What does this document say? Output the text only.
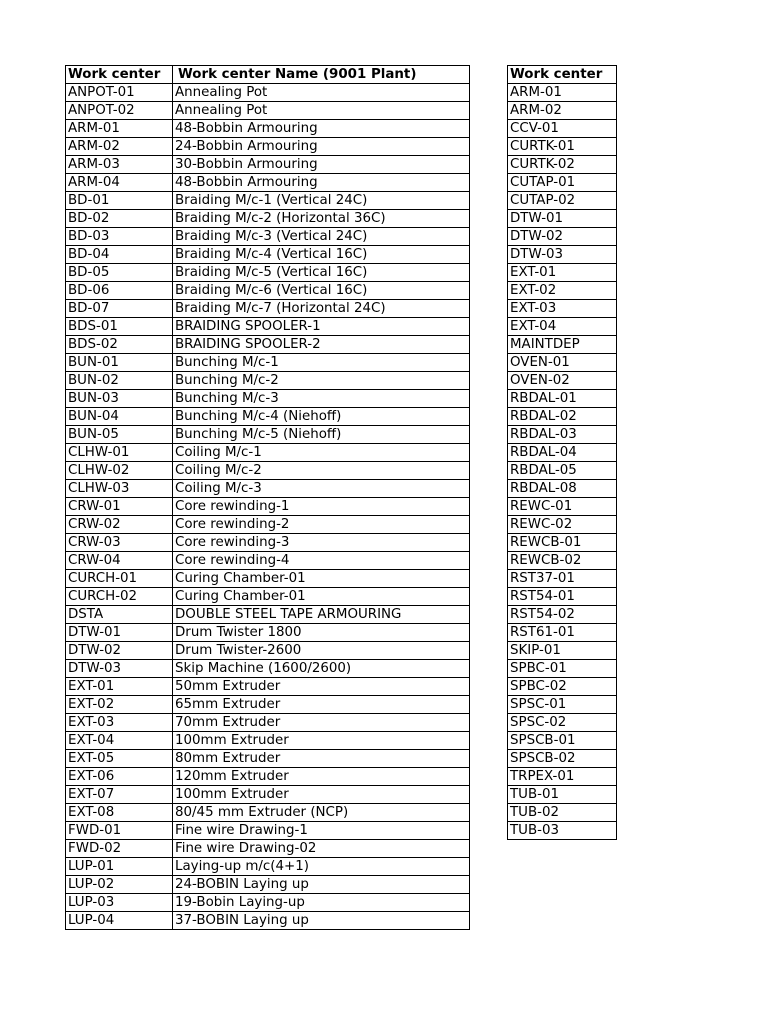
Work center	Work center Name (9001 Plant)
ANPOT-01	Annealing Pot
ANPOT-02	Annealing Pot
ARM-01	48-Bobbin Armouring
ARM-02	24-Bobbin Armouring
ARM-03	30-Bobbin Armouring
ARM-04	48-Bobbin Armouring
BD-01	Braiding M/c-1 (Vertical 24C)
BD-02	Braiding M/c-2 (Horizontal 36C)
BD-03	Braiding M/c-3 (Vertical 24C)
BD-04	Braiding M/c-4 (Vertical 16C)
BD-05	Braiding M/c-5 (Vertical 16C)
BD-06	Braiding M/c-6 (Vertical 16C)
BD-07	Braiding M/c-7 (Horizontal 24C)
BDS-01	BRAIDING SPOOLER-1
BDS-02	BRAIDING SPOOLER-2
BUN-01	Bunching M/c-1
BUN-02	Bunching M/c-2
BUN-03	Bunching M/c-3
BUN-04	Bunching M/c-4 (Niehoff)
BUN-05	Bunching M/c-5 (Niehoff)
CLHW-01	Coiling M/c-1
CLHW-02	Coiling M/c-2
CLHW-03	Coiling M/c-3
CRW-01	Core rewinding-1
CRW-02	Core rewinding-2
CRW-03	Core rewinding-3
CRW-04	Core rewinding-4
CURCH-01	Curing Chamber-01
CURCH-02	Curing Chamber-01
DSTA	DOUBLE STEEL TAPE ARMOURING
DTW-01	Drum Twister 1800
DTW-02	Drum Twister-2600
DTW-03	Skip Machine (1600/2600)
EXT-01	50mm Extruder
EXT-02	65mm Extruder
EXT-03	70mm Extruder
EXT-04	100mm Extruder
EXT-05	80mm Extruder
EXT-06	120mm Extruder
EXT-07	100mm Extruder
EXT-08	80/45 mm Extruder (NCP)
FWD-01	Fine wire Drawing-1
FWD-02	Fine wire Drawing-02
LUP-01	Laying-up m/c(4+1)
LUP-02	24-BOBIN Laying up
LUP-03	19-Bobin Laying-up
LUP-04	37-BOBIN Laying up
Work center
ARM-01
ARM-02
CCV-01
CURTK-01
CURTK-02
CUTAP-01
CUTAP-02
DTW-01
DTW-02
DTW-03
EXT-01
EXT-02
EXT-03
EXT-04
MAINTDEP
OVEN-01
OVEN-02
RBDAL-01
RBDAL-02
RBDAL-03
RBDAL-04
RBDAL-05
RBDAL-08
REWC-01
REWC-02
REWCB-01
REWCB-02
RST37-01
RST54-01
RST54-02
RST61-01
SKIP-01
SPBC-01
SPBC-02
SPSC-01
SPSC-02
SPSCB-01
SPSCB-02
TRPEX-01
TUB-01
TUB-02
TUB-03
